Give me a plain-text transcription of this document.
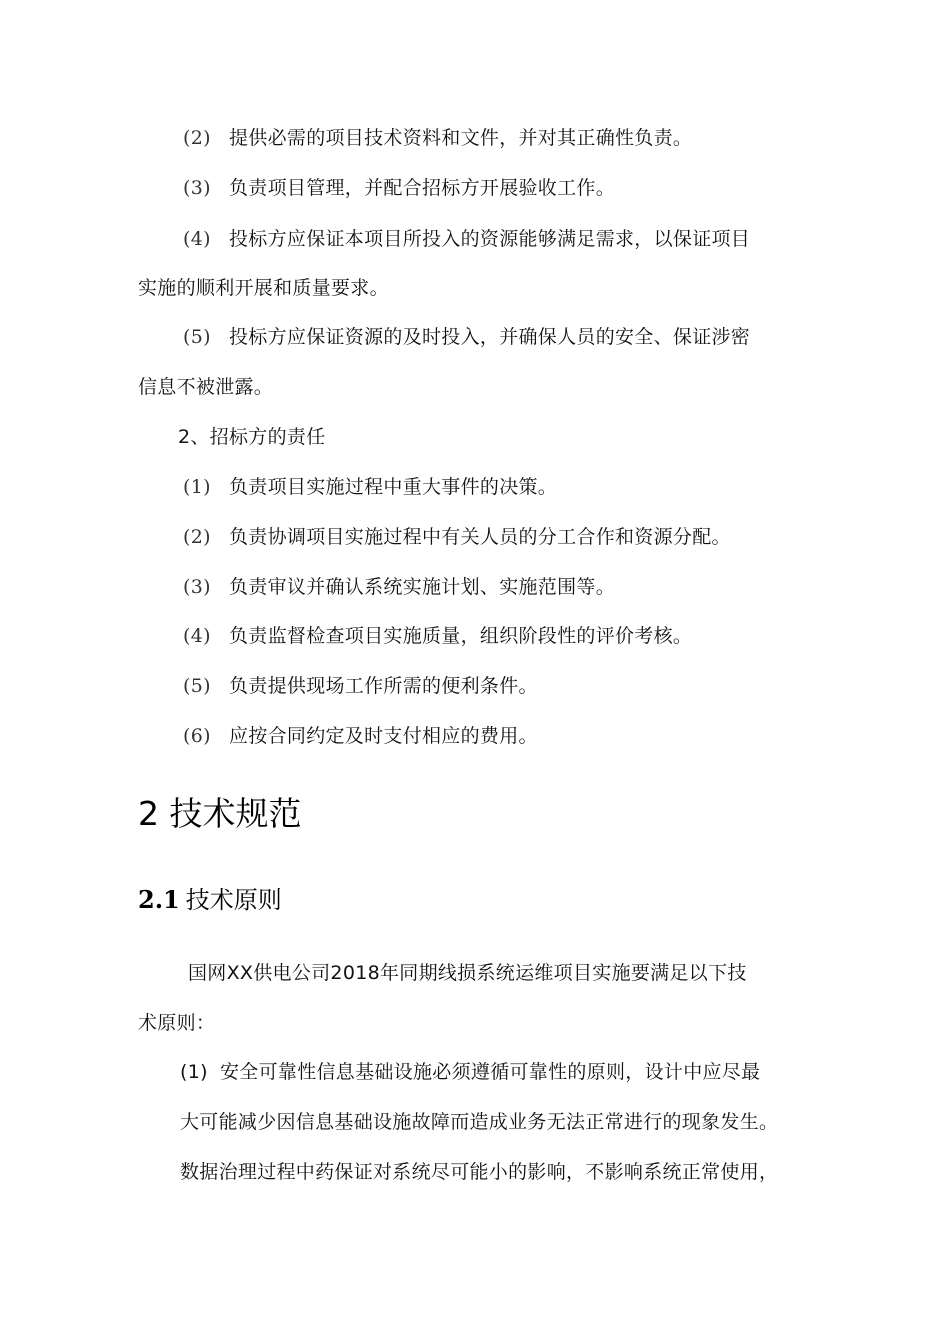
(2) 提供必需的项目技术资料和文件，并对其正确性负责。
(3) 负责项目管理，并配合招标方开展验收工作。
(4) 投标方应保证本项目所投入的资源能够满足需求，以保证项目
实施的顺利开展和质量要求。
(5) 投标方应保证资源的及时投入，并确保人员的安全、保证涉密
信息不被泄露。
2、招标方的责任
(1) 负责项目实施过程中重大事件的决策。
(2) 负责协调项目实施过程中有关人员的分工合作和资源分配。
(3) 负责审议并确认系统实施计划、实施范围等。
(4) 负责监督检查项目实施质量，组织阶段性的评价考核。
(5) 负责提供现场工作所需的便利条件。
(6) 应按合同约定及时支付相应的费用。
2 技术规范
2.1 技术原则
国网XX供电公司2018年同期线损系统运维项目实施要满足以下技
术原则：
(1) 安全可靠性信息基础设施必须遵循可靠性的原则，设计中应尽最
大可能减少因信息基础设施故障而造成业务无法正常进行的现象发生。
数据治理过程中药保证对系统尽可能小的影响，不影响系统正常使用，
